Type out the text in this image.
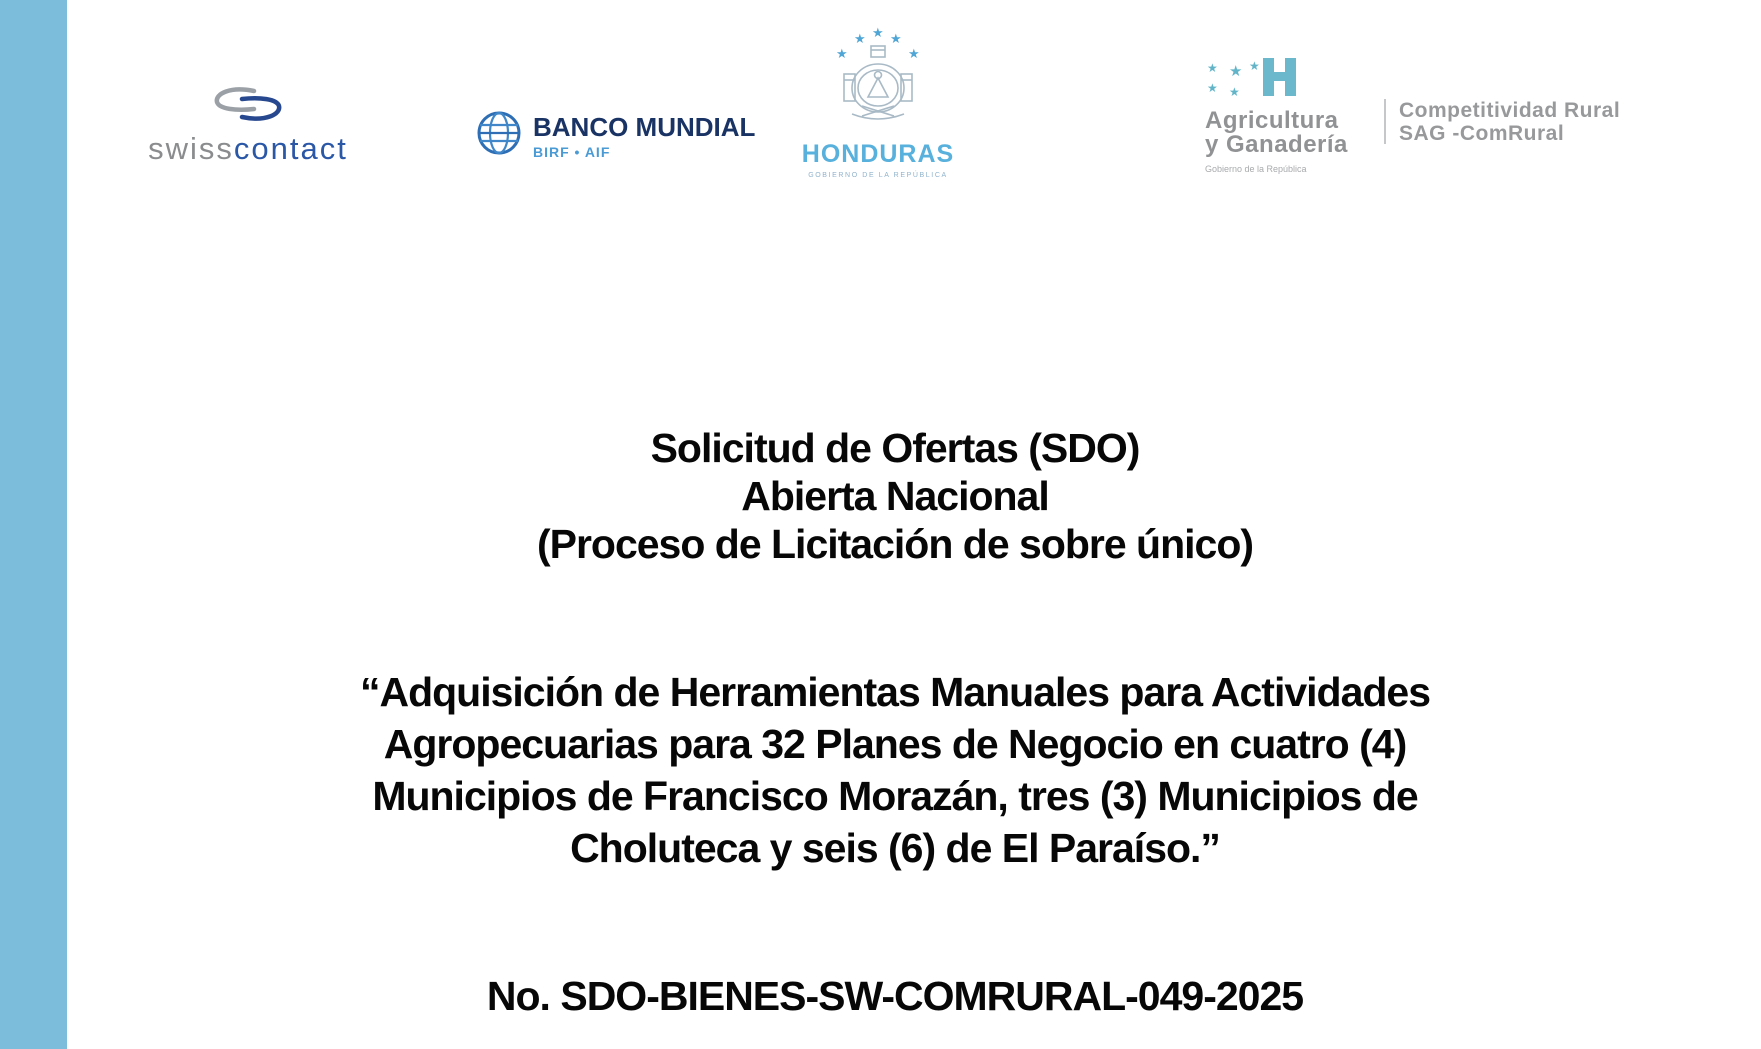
swisscontact
BANCO MUNDIAL
BIRF • AIF
★
★ ★ ★
★
HONDURAS
GOBIERNO DE LA REPÚBLICA
★ ★
★ ★
★
Agricultura
y Ganadería
Gobierno de la República
Competitividad Rural
SAG -ComRural
Solicitud de Ofertas (SDO)
Abierta Nacional
(Proceso de Licitación de sobre único)
“Adquisición de Herramientas Manuales para Actividades
Agropecuarias para 32 Planes de Negocio en cuatro (4)
Municipios de Francisco Morazán, tres (3) Municipios de
Choluteca y seis (6) de El Paraíso.”
No. SDO-BIENES-SW-COMRURAL-049-2025
